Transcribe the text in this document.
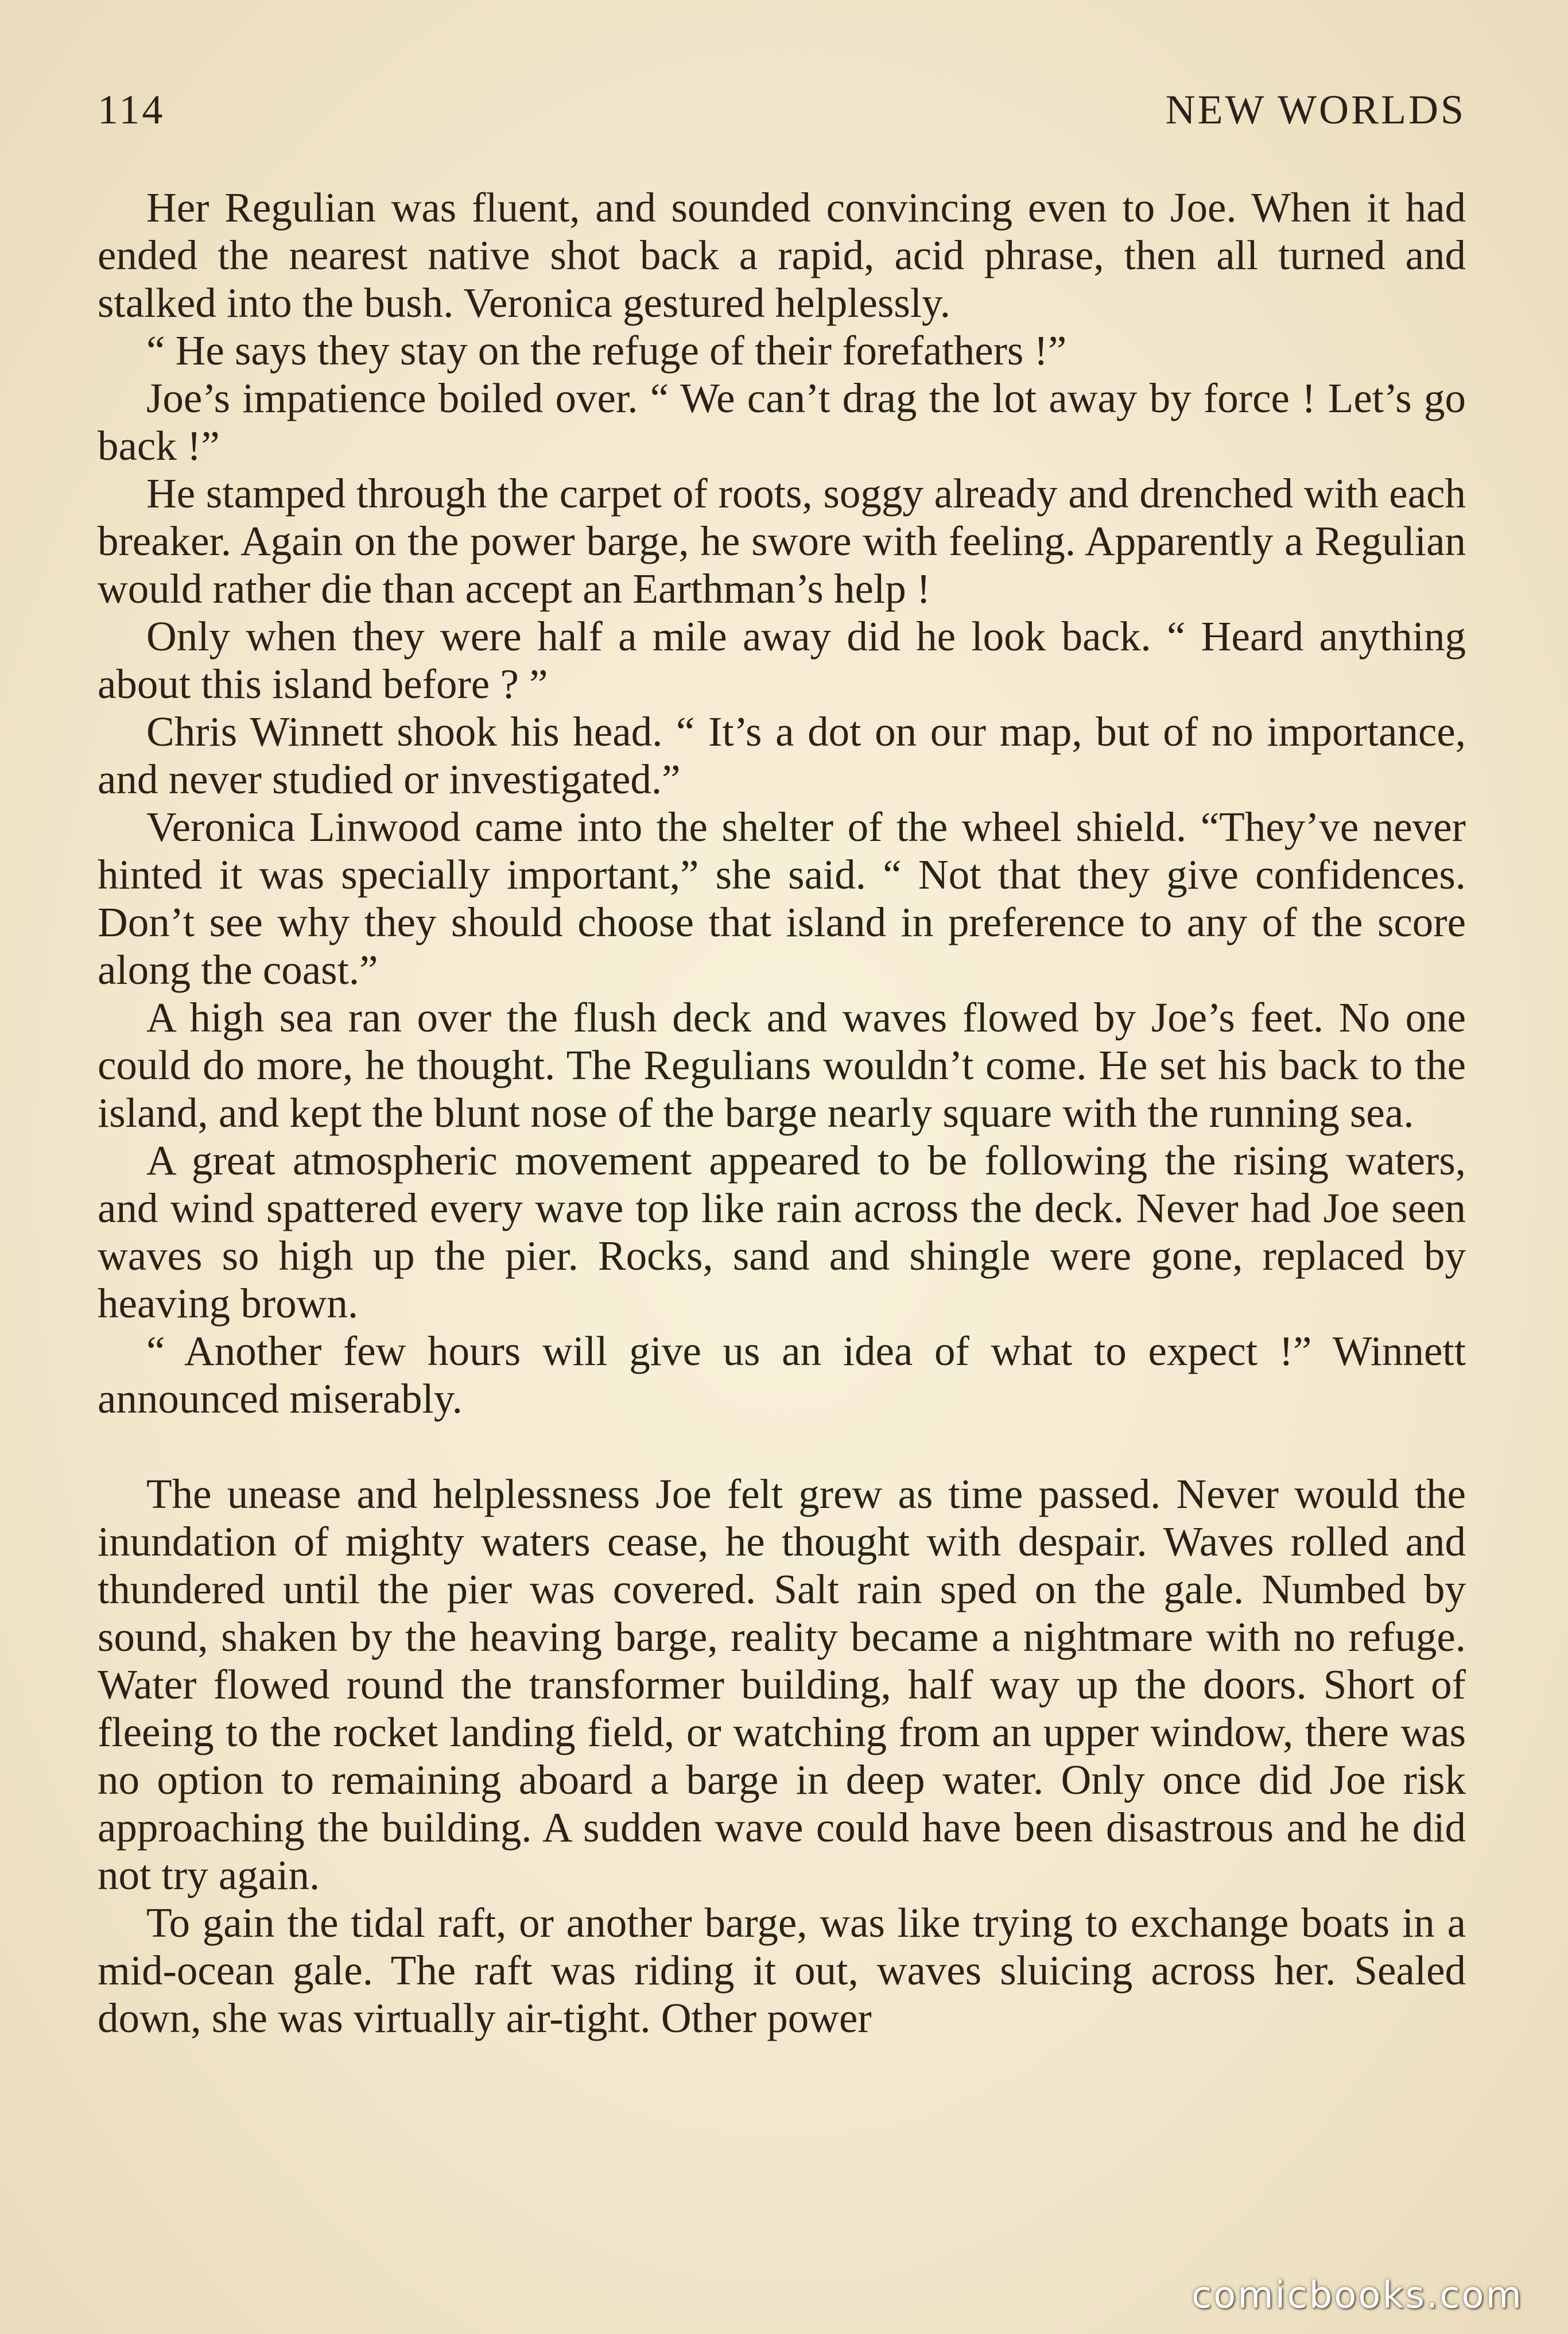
114	NEW WORLDS

Her Regulian was fluent, and sounded convincing even to Joe. When it had ended the nearest native shot back a rapid, acid phrase, then all turned and stalked into the bush. Veronica gestured helplessly.

“ He says they stay on the refuge of their forefathers !”

Joe’s impatience boiled over. “ We can’t drag the lot away by force ! Let’s go back !”

He stamped through the carpet of roots, soggy already and drenched with each breaker. Again on the power barge, he swore with feeling. Apparently a Regulian would rather die than accept an Earthman’s help !

Only when they were half a mile away did he look back. “ Heard anything about this island before ? ”

Chris Winnett shook his head. “ It’s a dot on our map, but of no importance, and never studied or investigated.”

Veronica Linwood came into the shelter of the wheel shield. “They’ve never hinted it was specially important,” she said. “ Not that they give confidences. Don’t see why they should choose that island in preference to any of the score along the coast.”

A high sea ran over the flush deck and waves flowed by Joe’s feet. No one could do more, he thought. The Regulians wouldn’t come. He set his back to the island, and kept the blunt nose of the barge nearly square with the running sea.

A great atmospheric movement appeared to be following the rising waters, and wind spattered every wave top like rain across the deck. Never had Joe seen waves so high up the pier. Rocks, sand and shingle were gone, replaced by heaving brown.

“ Another few hours will give us an idea of what to expect !” Winnett announced miserably.

The unease and helplessness Joe felt grew as time passed. Never would the inundation of mighty waters cease, he thought with despair. Waves rolled and thundered until the pier was covered. Salt rain sped on the gale. Numbed by sound, shaken by the heaving barge, reality became a nightmare with no refuge. Water flowed round the transformer building, half way up the doors. Short of fleeing to the rocket landing field, or watching from an upper window, there was no option to remaining aboard a barge in deep water. Only once did Joe risk approaching the building. A sudden wave could have been disastrous and he did not try again.

To gain the tidal raft, or another barge, was like trying to exchange boats in a mid-ocean gale. The raft was riding it out, waves sluicing across her. Sealed down, she was virtually air-tight. Other power

comicbooks.com
